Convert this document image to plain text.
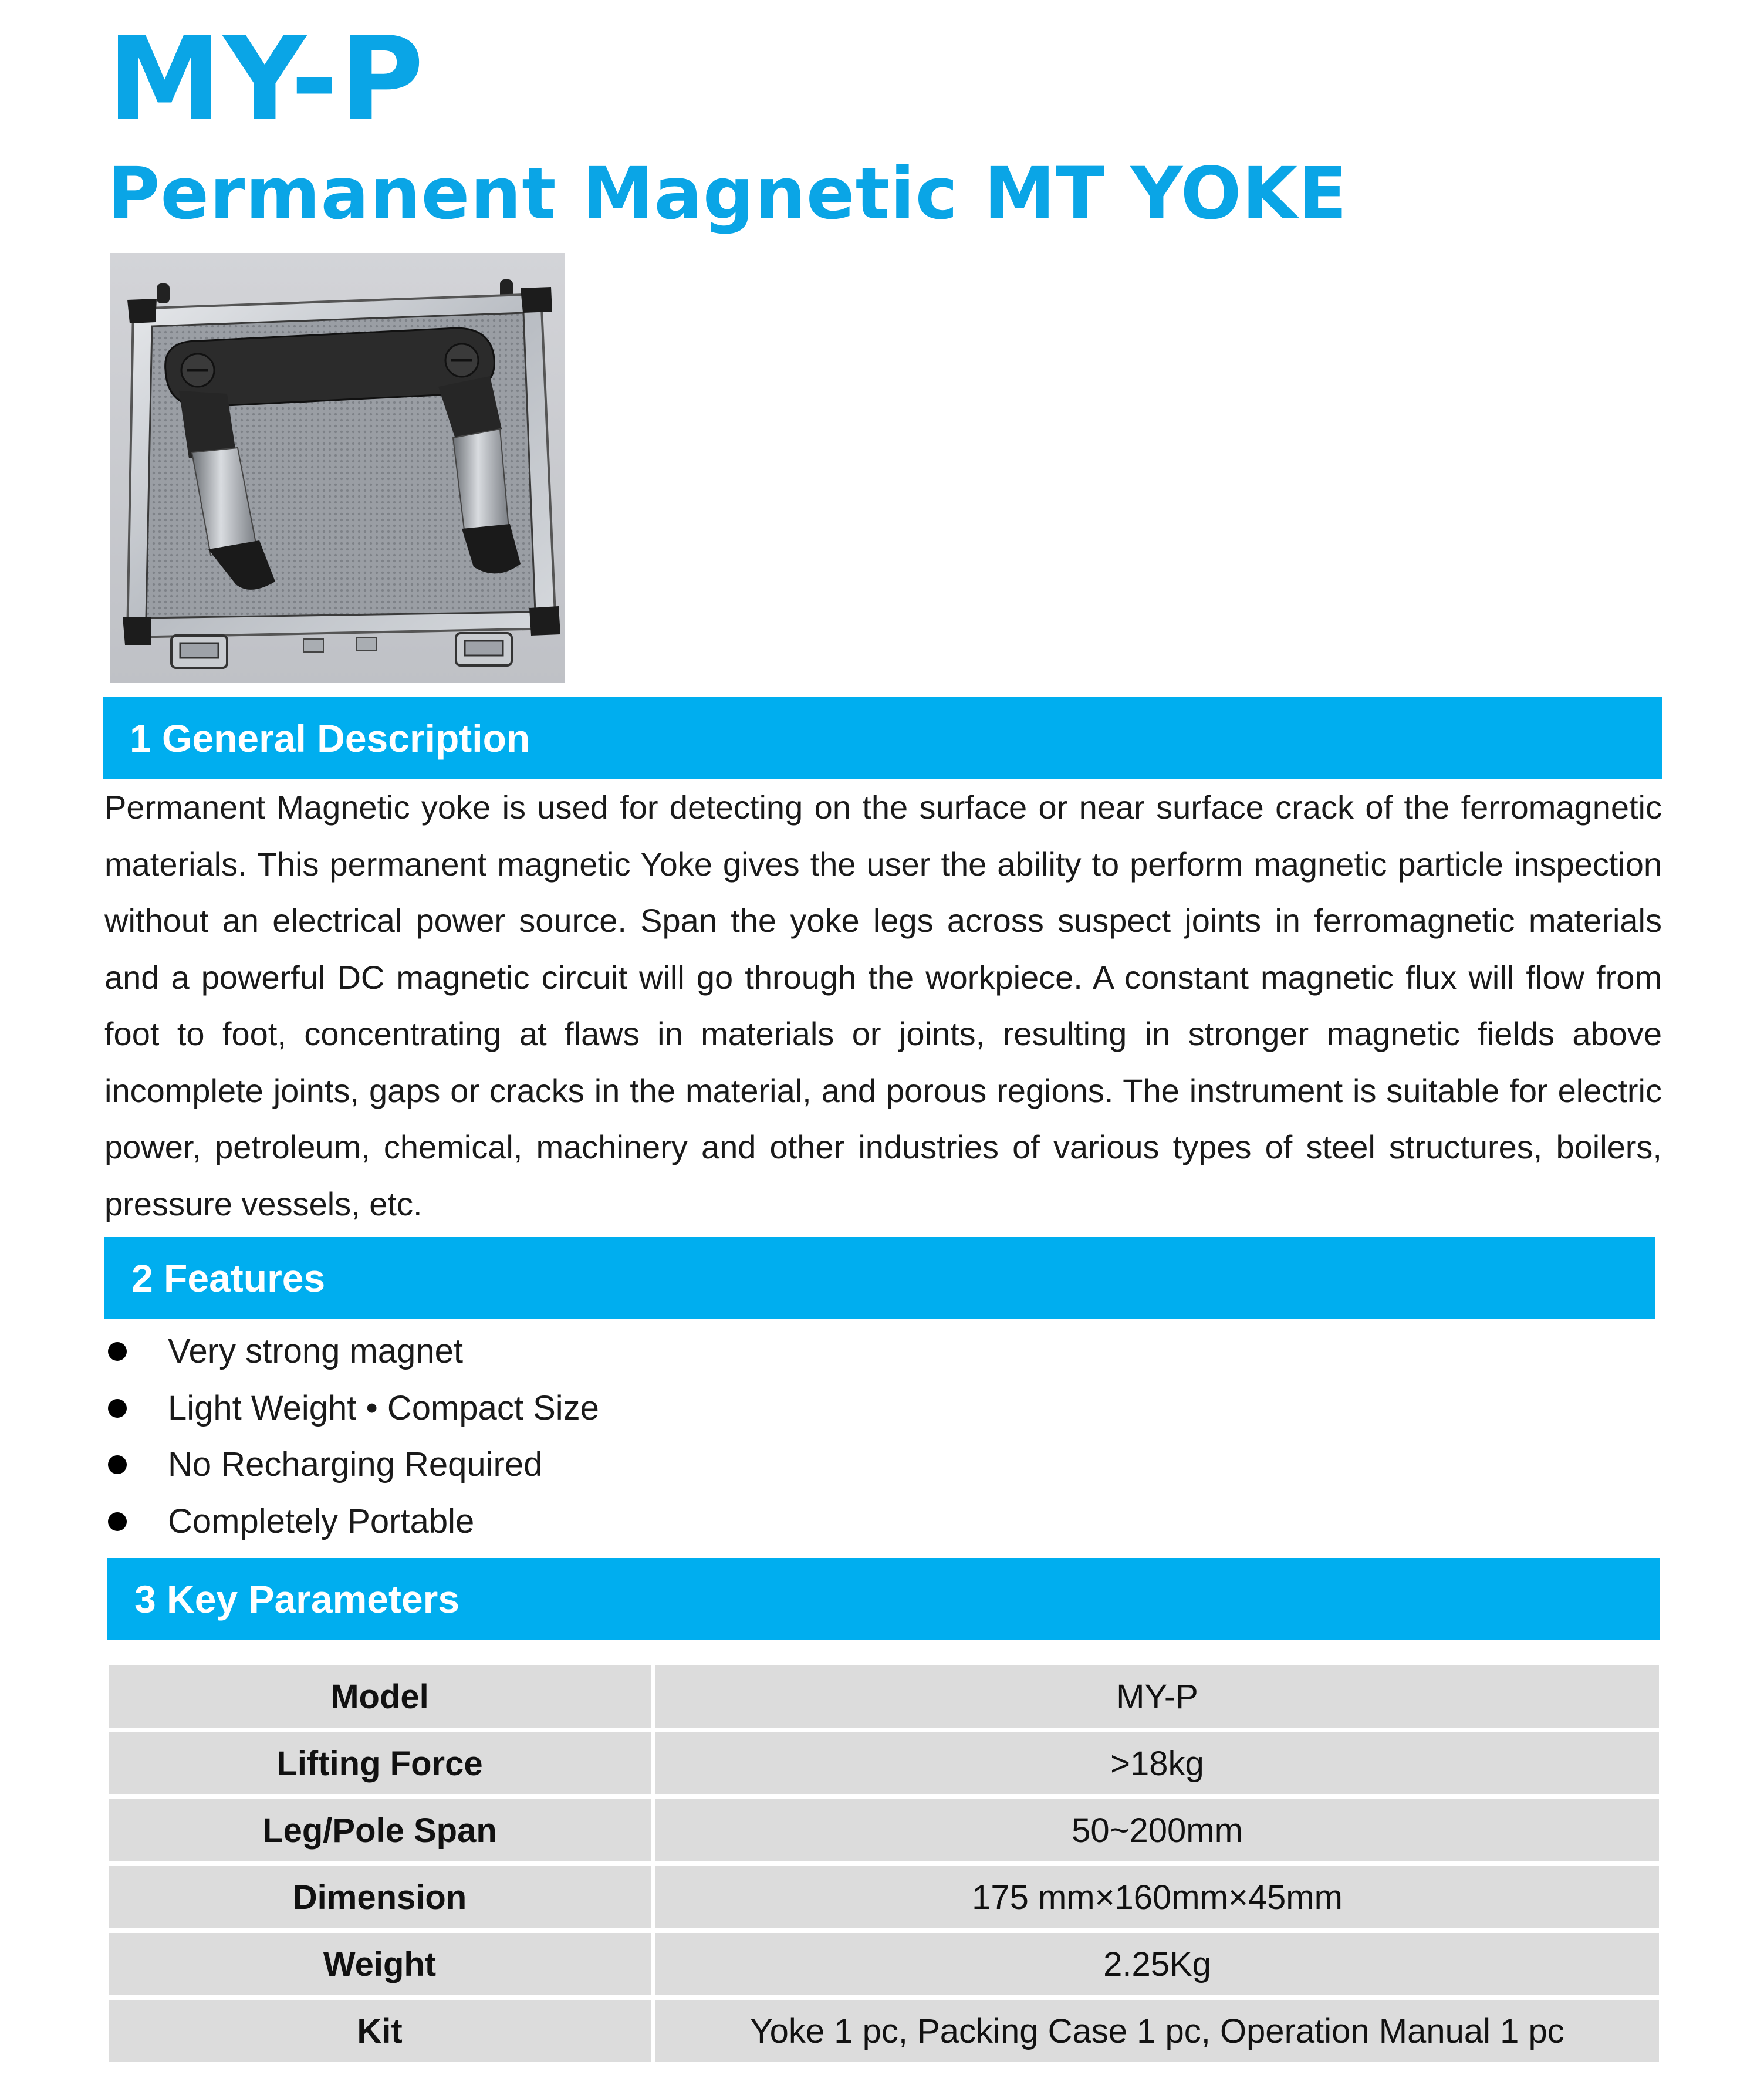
MY-P
Permanent Magnetic MT YOKE
1 General Description

Permanent Magnetic yoke is used for detecting on the surface or near surface crack of the ferromagnetic materials. This permanent magnetic Yoke gives the user the ability to perform magnetic particle inspection without an electrical power source. Span the yoke legs across suspect joints in ferromagnetic materials and a powerful DC magnetic circuit will go through the workpiece. A constant magnetic flux will flow from foot to foot, concentrating at flaws in materials or joints, resulting in stronger magnetic fields above incomplete joints, gaps or cracks in the material, and porous regions. The instrument is suitable for electric power, petroleum, chemical, machinery and other industries of various types of steel structures, boilers, pressure vessels, etc.

2 Features
Very strong magnet
Light Weight • Compact Size
No Recharging Required
Completely Portable
3 Key Parameters
Model	MY-P
Lifting Force	>18kg
Leg/Pole Span	50~200mm
Dimension	175 mm×160mm×45mm
Weight	2.25Kg
Kit	Yoke 1 pc, Packing Case 1 pc, Operation Manual 1 pc
